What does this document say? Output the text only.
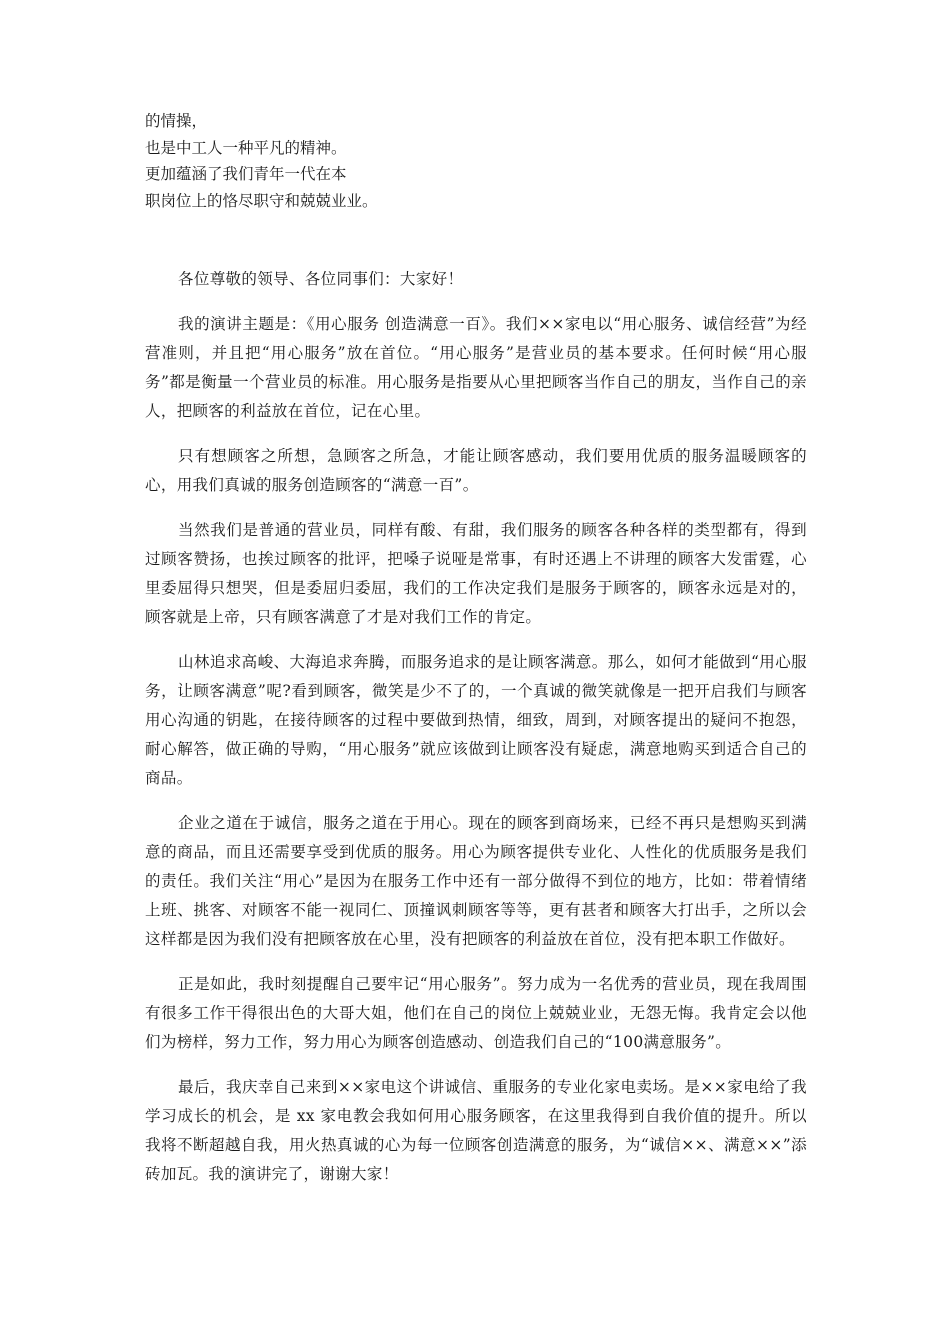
的情操，
也是中工人一种平凡的精神。
更加蕴涵了我们青年一代在本
职岗位上的恪尽职守和兢兢业业。

各位尊敬的领导、各位同事们：大家好！

我的演讲主题是：《用心服务 创造满意一百》。我们××家电以“用心服务、诚信经营”为经营准则，并且把“用心服务”放在首位。“用心服务”是营业员的基本要求。任何时候“用心服务”都是衡量一个营业员的标准。用心服务是指要从心里把顾客当作自己的朋友，当作自己的亲人，把顾客的利益放在首位，记在心里。

只有想顾客之所想，急顾客之所急，才能让顾客感动，我们要用优质的服务温暖顾客的心，用我们真诚的服务创造顾客的“满意一百”。

当然我们是普通的营业员，同样有酸、有甜，我们服务的顾客各种各样的类型都有，得到过顾客赞扬，也挨过顾客的批评，把嗓子说哑是常事，有时还遇上不讲理的顾客大发雷霆，心里委屈得只想哭，但是委屈归委屈，我们的工作决定我们是服务于顾客的，顾客永远是对的，顾客就是上帝，只有顾客满意了才是对我们工作的肯定。

山林追求高峻、大海追求奔腾，而服务追求的是让顾客满意。那么，如何才能做到“用心服务，让顾客满意”呢?看到顾客，微笑是少不了的，一个真诚的微笑就像是一把开启我们与顾客用心沟通的钥匙，在接待顾客的过程中要做到热情，细致，周到，对顾客提出的疑问不抱怨，耐心解答，做正确的导购，“用心服务”就应该做到让顾客没有疑虑，满意地购买到适合自己的商品。

企业之道在于诚信，服务之道在于用心。现在的顾客到商场来，已经不再只是想购买到满意的商品，而且还需要享受到优质的服务。用心为顾客提供专业化、人性化的优质服务是我们的责任。我们关注“用心”是因为在服务工作中还有一部分做得不到位的地方，比如：带着情绪上班、挑客、对顾客不能一视同仁、顶撞讽刺顾客等等，更有甚者和顾客大打出手，之所以会这样都是因为我们没有把顾客放在心里，没有把顾客的利益放在首位，没有把本职工作做好。

正是如此，我时刻提醒自己要牢记“用心服务”。努力成为一名优秀的营业员，现在我周围有很多工作干得很出色的大哥大姐，他们在自己的岗位上兢兢业业，无怨无悔。我肯定会以他们为榜样，努力工作，努力用心为顾客创造感动、创造我们自己的“100满意服务”。

最后，我庆幸自己来到××家电这个讲诚信、重服务的专业化家电卖场。是××家电给了我学习成长的机会，是 xx 家电教会我如何用心服务顾客，在这里我得到自我价值的提升。所以我将不断超越自我，用火热真诚的心为每一位顾客创造满意的服务，为“诚信××、满意××”添砖加瓦。我的演讲完了，谢谢大家！
